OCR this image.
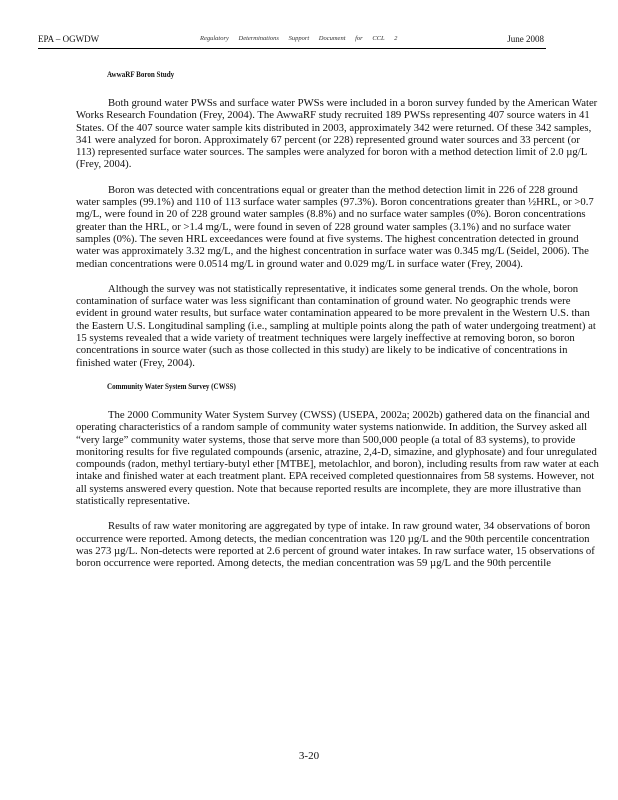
EPA – OGWDW	Regulatory Determinations Support Document for CCL 2	June 2008
AwwaRF Boron Study

Both ground water PWSs and surface water PWSs were included in a boron survey funded by the American Water Works Research Foundation (Frey, 2004). The AwwaRF study recruited 189 PWSs representing 407 source waters in 41 States. Of the 407 source water sample kits distributed in 2003, approximately 342 were returned. Of these 342 samples, 341 were analyzed for boron. Approximately 67 percent (or 228) represented ground water sources and 33 percent (or 113) represented surface water sources. The samples were analyzed for boron with a method detection limit of 2.0 µg/L (Frey, 2004).

Boron was detected with concentrations equal or greater than the method detection limit in 226 of 228 ground water samples (99.1%) and 110 of 113 surface water samples (97.3%). Boron concentrations greater than ½HRL, or >0.7 mg/L, were found in 20 of 228 ground water samples (8.8%) and no surface water samples (0%). Boron concentrations greater than the HRL, or >1.4 mg/L, were found in seven of 228 ground water samples (3.1%) and no surface water samples (0%). The seven HRL exceedances were found at five systems. The highest concentration detected in ground water was approximately 3.32 mg/L, and the highest concentration in surface water was 0.345 mg/L (Seidel, 2006). The median concentrations were 0.0514 mg/L in ground water and 0.029 mg/L in surface water (Frey, 2004).

Although the survey was not statistically representative, it indicates some general trends. On the whole, boron contamination of surface water was less significant than contamination of ground water. No geographic trends were evident in ground water results, but surface water contamination appeared to be more prevalent in the Western U.S. than the Eastern U.S. Longitudinal sampling (i.e., sampling at multiple points along the path of water undergoing treatment) at 15 systems revealed that a wide variety of treatment techniques were largely ineffective at removing boron, so boron concentrations in source water (such as those collected in this study) are likely to be indicative of concentrations in finished water (Frey, 2004).

Community Water System Survey (CWSS)

The 2000 Community Water System Survey (CWSS) (USEPA, 2002a; 2002b) gathered data on the financial and operating characteristics of a random sample of community water systems nationwide. In addition, the Survey asked all “very large” community water systems, those that serve more than 500,000 people (a total of 83 systems), to provide monitoring results for five regulated compounds (arsenic, atrazine, 2,4-D, simazine, and glyphosate) and four unregulated compounds (radon, methyl tertiary-butyl ether [MTBE], metolachlor, and boron), including results from raw water at each intake and finished water at each treatment plant. EPA received completed questionnaires from 58 systems. However, not all systems answered every question. Note that because reported results are incomplete, they are more illustrative than statistically representative.

Results of raw water monitoring are aggregated by type of intake. In raw ground water, 34 observations of boron occurrence were reported. Among detects, the median concentration was 120 µg/L and the 90th percentile concentration was 273 µg/L. Non-detects were reported at 2.6 percent of ground water intakes. In raw surface water, 15 observations of boron occurrence were reported. Among detects, the median concentration was 59 µg/L and the 90th percentile

3-20
